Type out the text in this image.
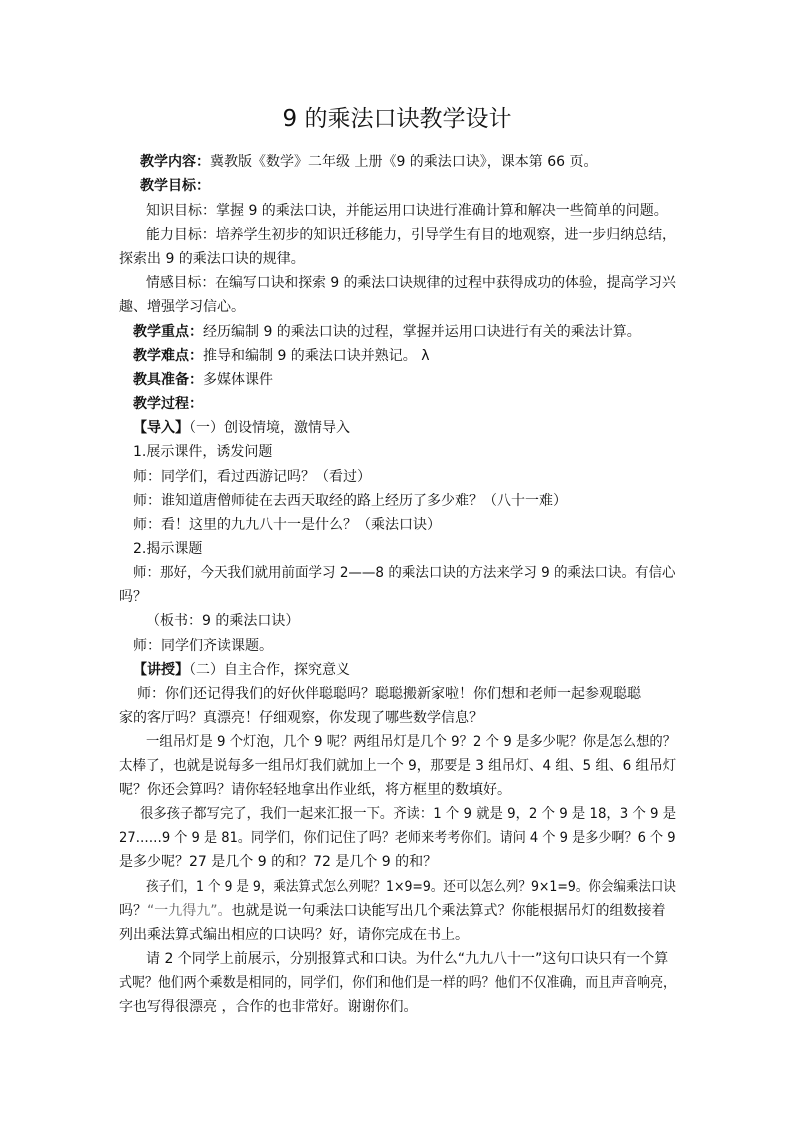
9 的乘法口诀教学设计
教学内容：冀教版《数学》二年级 上册《9 的乘法口诀》，课本第 66 页。
教学目标：
知识目标：掌握 9 的乘法口诀，并能运用口诀进行准确计算和解决一些简单的问题。
能力目标：培养学生初步的知识迁移能力，引导学生有目的地观察，进一步归纳总结，
探索出 9 的乘法口诀的规律。
情感目标：在编写口诀和探索 9 的乘法口诀规律的过程中获得成功的体验，提高学习兴
趣、增强学习信心。
教学重点：经历编制 9 的乘法口诀的过程，掌握并运用口诀进行有关的乘法计算。
教学难点：推导和编制 9 的乘法口诀并熟记。 λ
教具准备：多媒体课件
教学过程：
【导入】（一）创设情境，激情导入
1.展示课件，诱发问题
师：同学们，看过西游记吗？（看过）
师：谁知道唐僧师徒在去西天取经的路上经历了多少难？（八十一难）
师：看！这里的九九八十一是什么？（乘法口诀）
2.揭示课题
师：那好，今天我们就用前面学习 2——8 的乘法口诀的方法来学习 9 的乘法口诀。有信心
吗？
（板书：9 的乘法口诀）
师：同学们齐读课题。
【讲授】（二）自主合作，探究意义
师：你们还记得我们的好伙伴聪聪吗？聪聪搬新家啦！你们想和老师一起参观聪聪
家的客厅吗？真漂亮！仔细观察，你发现了哪些数学信息？
一组吊灯是 9 个灯泡，几个 9 呢？两组吊灯是几个 9？2 个 9 是多少呢？你是怎么想的？
太棒了，也就是说每多一组吊灯我们就加上一个 9，那要是 3 组吊灯、4 组、5 组、6 组吊灯
呢？你还会算吗？请你轻轻地拿出作业纸，将方框里的数填好。
很多孩子都写完了，我们一起来汇报一下。齐读：1 个 9 就是 9，2 个 9 是 18，3 个 9 是
27……9 个 9 是 81。同学们，你们记住了吗？老师来考考你们。请问 4 个 9 是多少啊？6 个 9
是多少呢？27 是几个 9 的和？72 是几个 9 的和？
孩子们，1 个 9 是 9，乘法算式怎么列呢？1×9=9。还可以怎么列？9×1=9。你会编乘法口诀
吗？“一九得九”。也就是说一句乘法口诀能写出几个乘法算式？你能根据吊灯的组数接着
列出乘法算式编出相应的口诀吗？好，请你完成在书上。
请 2 个同学上前展示，分别报算式和口诀。为什么“九九八十一”这句口诀只有一个算
式呢？他们两个乘数是相同的，同学们，你们和他们是一样的吗？他们不仅准确，而且声音响亮，
字也写得很漂亮 ，合作的也非常好。谢谢你们。
